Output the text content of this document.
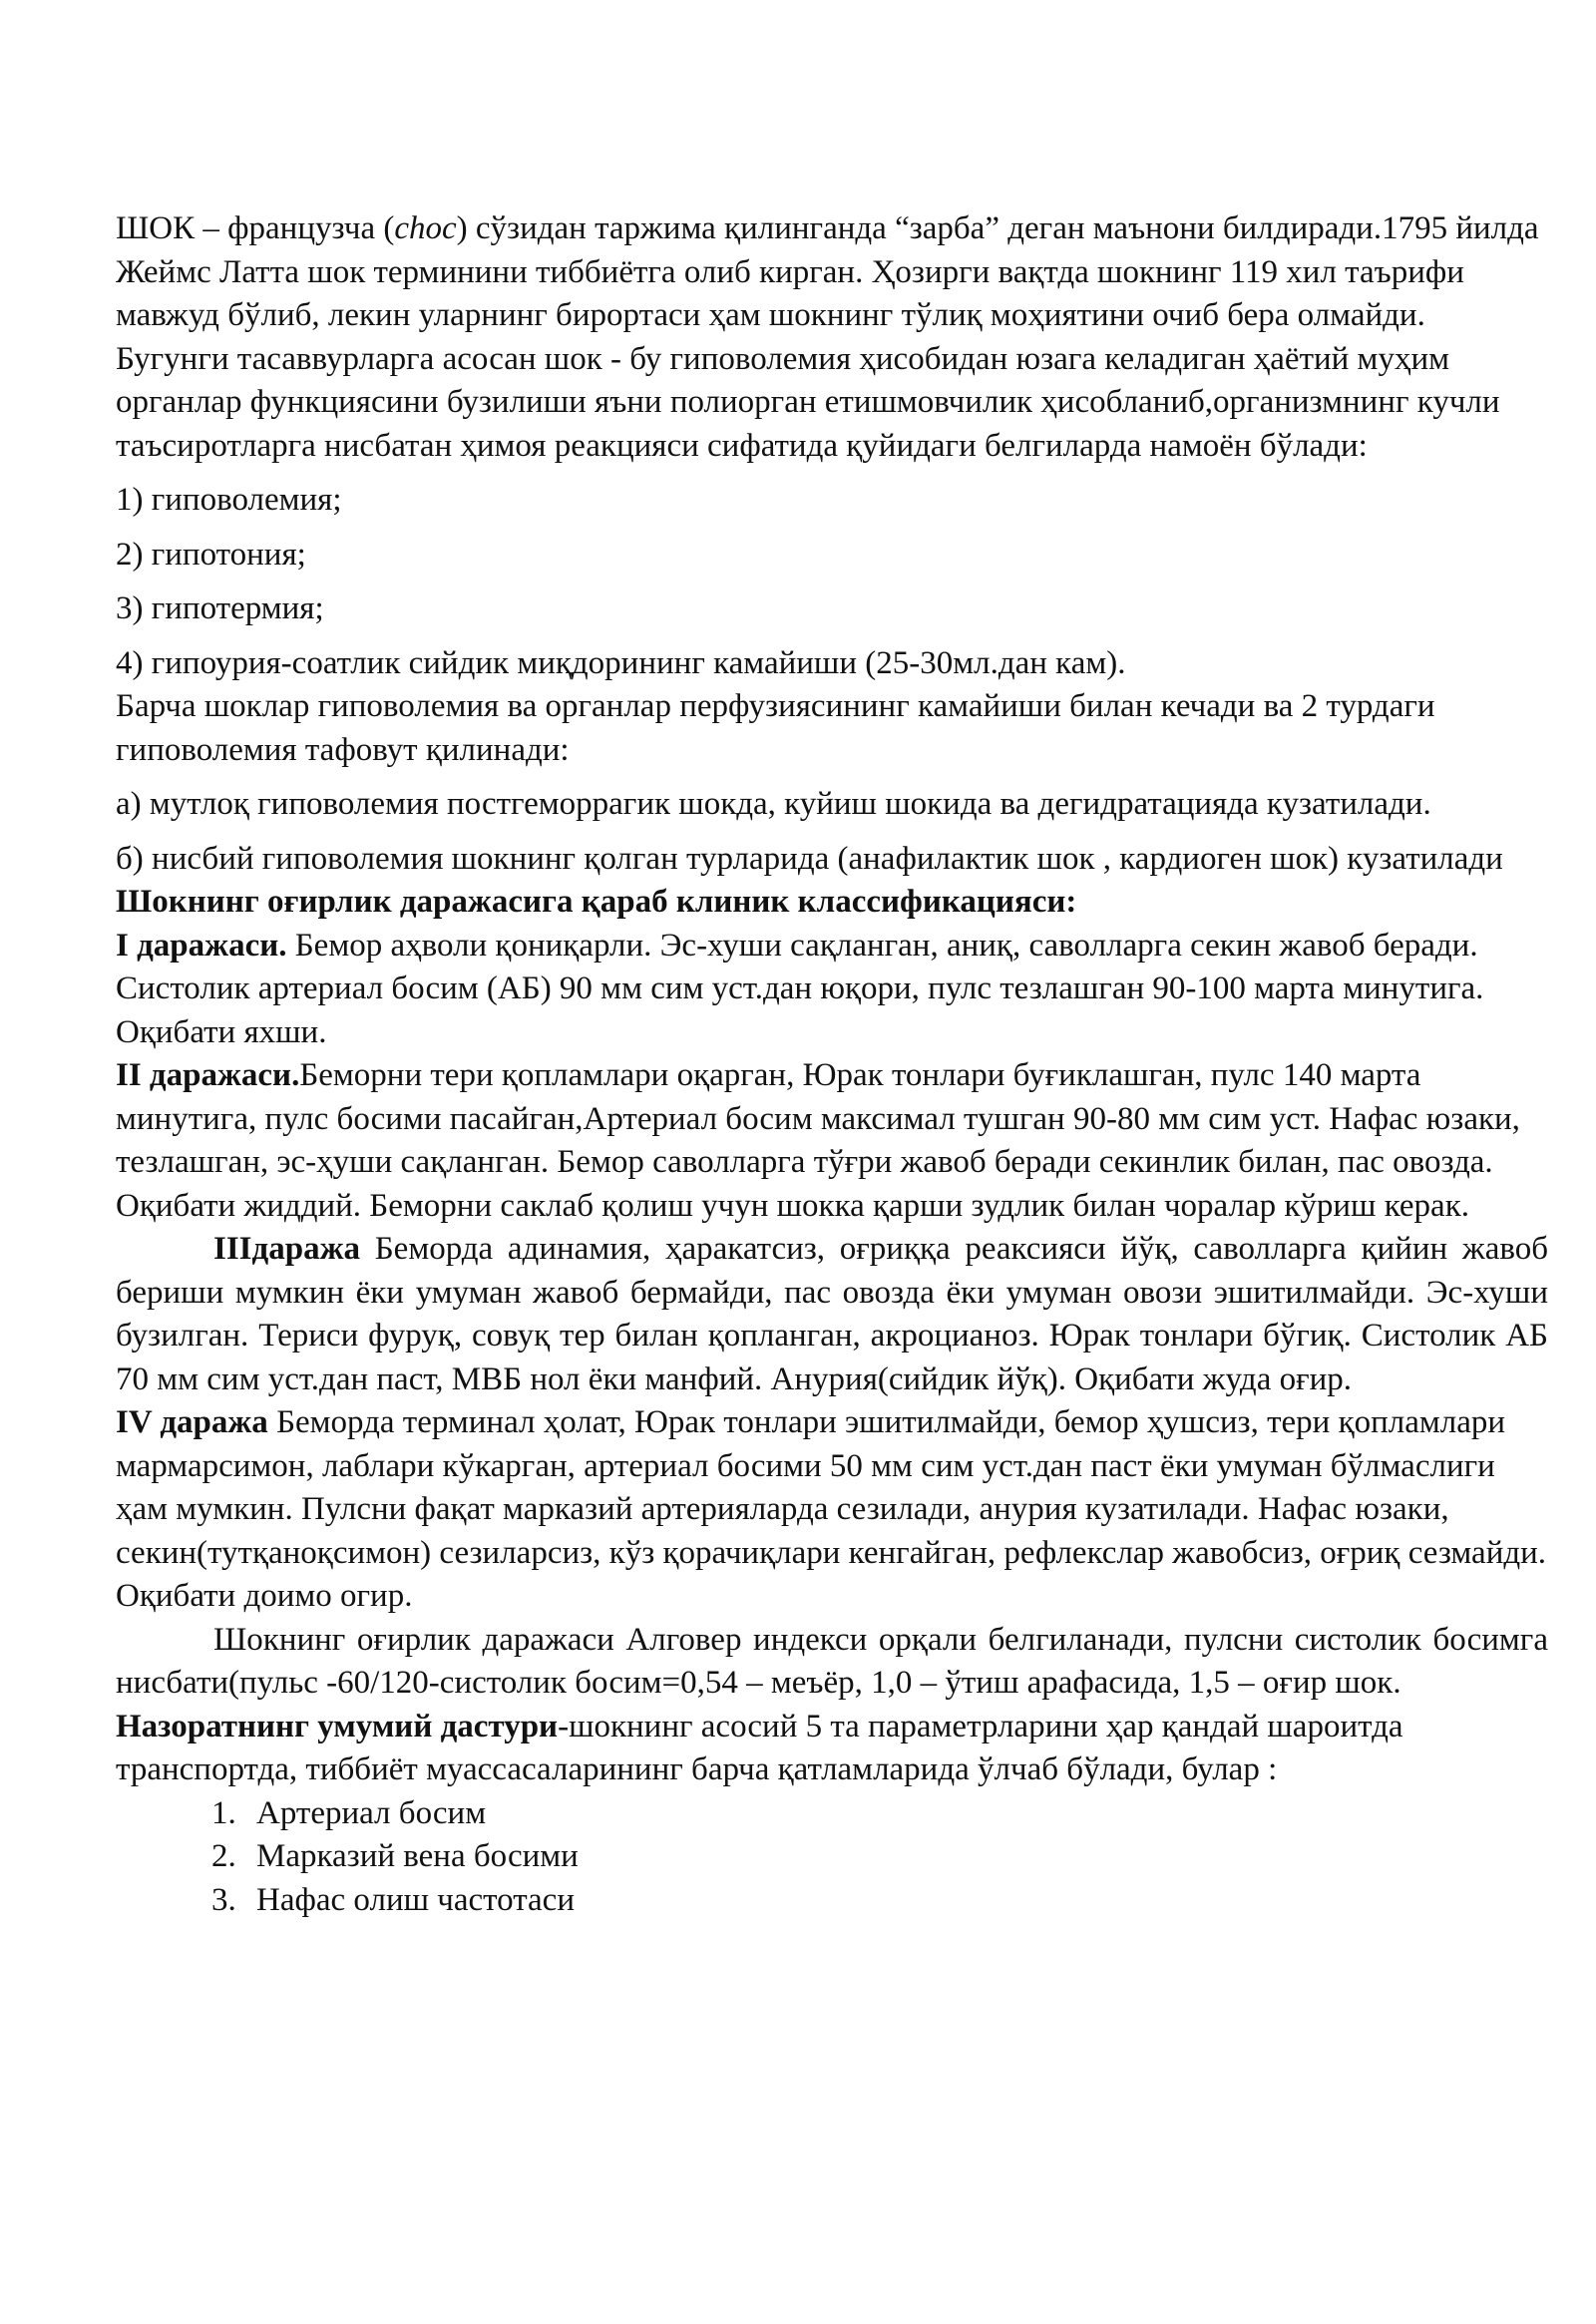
ШОК – французча (choc) сўзидан таржима қилинганда “зарба” деган маънони билдиради.1795 йилда Жеймс Латта шок терминини тиббиётга олиб кирган. Ҳозирги вақтда шокнинг 119 хил таърифи мавжуд бўлиб, лекин уларнинг бирортаси ҳам шокнинг тўлиқ моҳиятини очиб бера олмайди.

Бугунги тасаввурларга асосан шок - бу гиповолемия ҳисобидан юзага келадиган ҳаётий муҳим органлар функциясини бузилиши яъни полиорган етишмовчилик ҳисобланиб,организмнинг кучли таъсиротларга нисбатан ҳимоя реакцияси сифатида қуйидаги белгиларда намоён бўлади:

1) гиповолемия;

2) гипотония;

3) гипотермия;

4) гипоурия-соатлик сийдик миқдорининг камайиши (25-30мл.дан кам).

Барча шоклар гиповолемия ва органлар перфузиясининг камайиши билан кечади ва 2 турдаги гиповолемия тафовут қилинади:

а) мутлоқ гиповолемия постгеморрагик шокда, куйиш шокида ва дегидратацияда кузатилади.

б) нисбий гиповолемия шокнинг қолган турларида (анафилактик шок , кардиоген шок) кузатилади

Шокнинг оғирлик даражасига қараб клиник классификацияси:

I даражаси. Бемор аҳволи қониқарли. Эс-хуши сақланган, аниқ, саволларга секин жавоб беради. Систолик артериал босим (АБ) 90 мм сим уст.дан юқори, пулс тезлашган 90-100 марта минутига. Оқибати яхши.

II даражаси.Беморни тери қопламлари оқарган, Юрак тонлари буғиклашган, пулс 140 марта минутига, пулс босими пасайган,Артериал босим максимал тушган 90-80 мм сим уст. Нафас юзаки, тезлашган, эс-ҳуши сақланган. Бемор саволларга тўғри жавоб беради секинлик билан, пас овозда. Оқибати жиддий. Беморни саклаб қолиш учун шокка қарши зудлик билан чоралар кўриш керак.

IIIдаража Беморда адинамия, ҳаракатсиз, оғриққа реаксияси йўқ, саволларга қийин жавоб бериши мумкин ёки умуман жавоб бермайди, пас овозда ёки умуман овози эшитилмайди. Эс-хуши бузилган. Териси фуруқ, совуқ тер билан қопланган, акроцианоз. Юрак тонлари бўгиқ. Систолик АБ 70 мм сим уст.дан паст, МВБ нол ёки манфий. Анурия(сийдик йўқ). Оқибати жуда оғир.

IV даража Беморда терминал ҳолат, Юрак тонлари эшитилмайди, бемор ҳушсиз, тери қопламлари мармарсимон, лаблари кўкарган, артериал босими 50 мм сим уст.дан паст ёки умуман бўлмаслиги ҳам мумкин. Пулсни фақат марказий артерияларда сезилади, анурия кузатилади. Нафас юзаки, секин(тутқаноқсимон) сезиларсиз, кўз қорачиқлари кенгайган, рефлекслар жавобсиз, оғриқ сезмайди. Оқибати доимо огир.

Шокнинг оғирлик даражаси Алговер индекси орқали белгиланади, пулсни систолик босимга нисбати(пульс -60/120-систолик босим=0,54 – меъёр, 1,0 – ўтиш арафасида, 1,5 – оғир шок.

Назоратнинг умумий дастури-шокнинг асосий 5 та параметрларини ҳар қандай шароитда транспортда, тиббиёт муассасаларининг барча қатламларида ўлчаб бўлади, булар :

1. Артериал босим
2. Марказий вена босими
3. Нафас олиш частотаси
